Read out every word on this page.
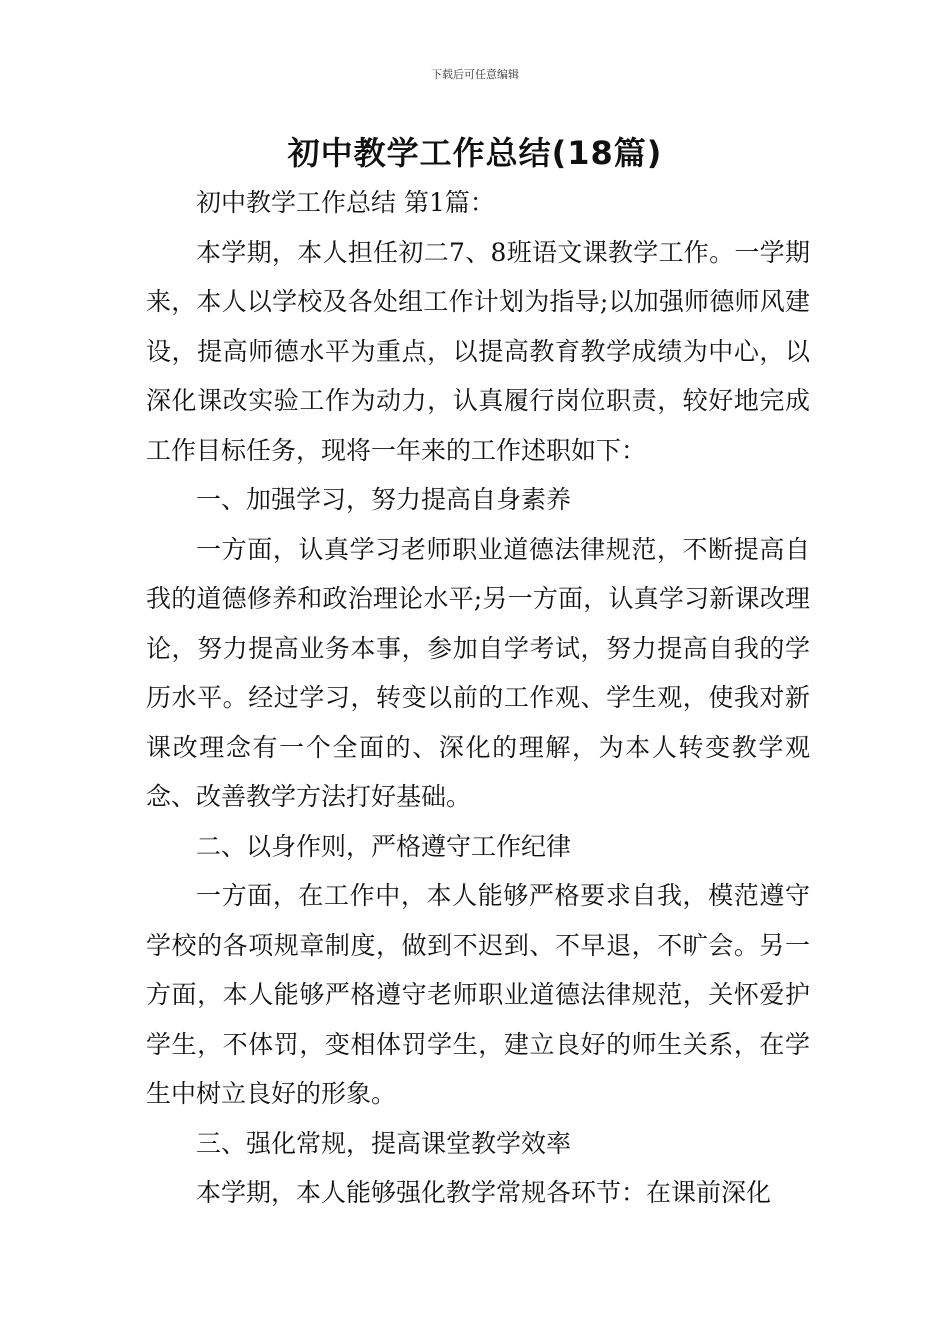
下载后可任意编辑
初中教学工作总结(18篇)

初中教学工作总结 第1篇：

本学期，本人担任初二7、8班语文课教学工作。一学期来，本人以学校及各处组工作计划为指导;以加强师德师风建设，提高师德水平为重点，以提高教育教学成绩为中心，以深化课改实验工作为动力，认真履行岗位职责，较好地完成工作目标任务，现将一年来的工作述职如下：

一、加强学习，努力提高自身素养

一方面，认真学习老师职业道德法律规范，不断提高自我的道德修养和政治理论水平;另一方面，认真学习新课改理论，努力提高业务本事，参加自学考试，努力提高自我的学历水平。经过学习，转变以前的工作观、学生观，使我对新课改理念有一个全面的、深化的理解，为本人转变教学观念、改善教学方法打好基础。

二、以身作则，严格遵守工作纪律

一方面，在工作中，本人能够严格要求自我，模范遵守学校的各项规章制度，做到不迟到、不早退，不旷会。另一方面，本人能够严格遵守老师职业道德法律规范，关怀爱护学生，不体罚，变相体罚学生，建立良好的师生关系，在学生中树立良好的形象。

三、强化常规，提高课堂教学效率

本学期，本人能够强化教学常规各环节：在课前深化
